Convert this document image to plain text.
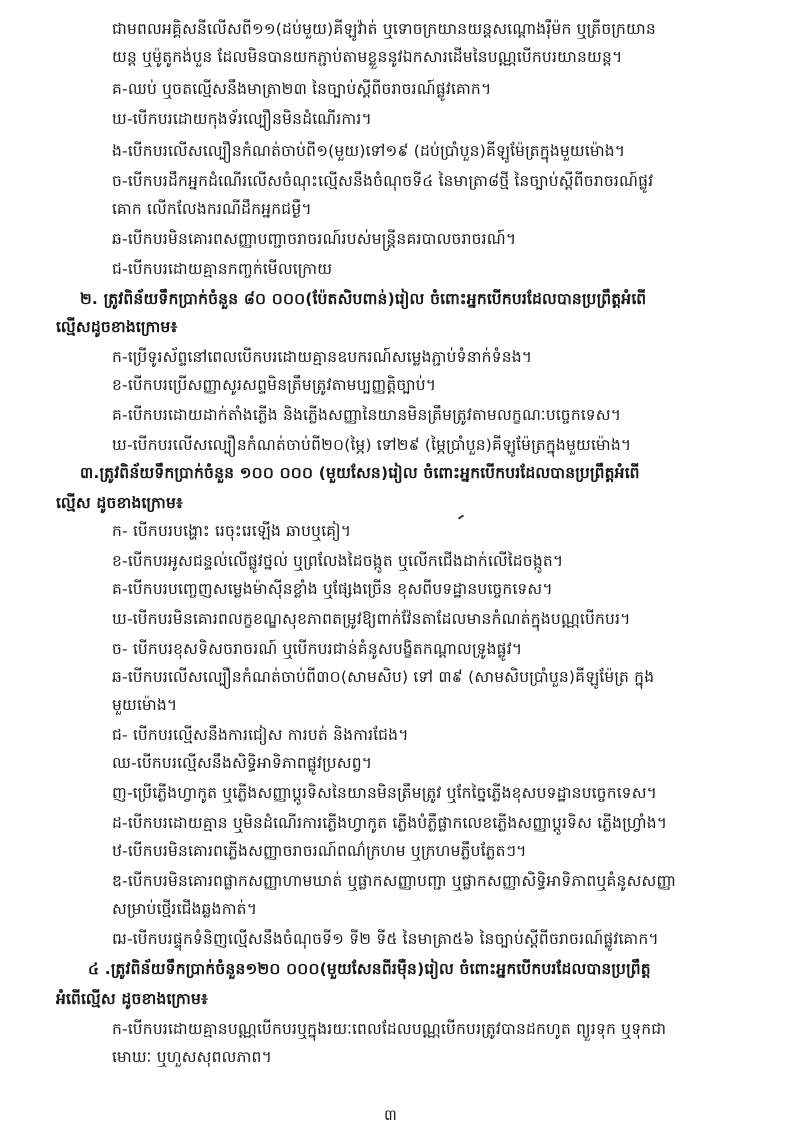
ជាមពលអគ្គិសនីលើសពី១១(ដប់មួយ)គីឡូវ៉ាត់ ឬទោចក្រយានយន្តសណ្តោងរ៉ឺម៉ក ឬត្រីចក្រយាន
យន្ត ឬម៉ូតូកង់បួន ដែលមិនបានយកភ្ជាប់តាមខ្លួននូវឯកសារដើមនៃបណ្ណបើកបរយានយន្ត។
គ-ឈប់ ឬចតល្មើសនឹងមាត្រា២៣ នៃច្បាប់ស្តីពីចរាចរណ៍ផ្លូវគោក។
ឃ-បើកបរដោយកុងទ័រល្បឿនមិនដំណើរការ។
ង-បើកបរលើសល្បឿនកំណត់ចាប់ពី១(មួយ)ទៅ១៩ (ដប់ប្រាំបួន)គីឡូម៉ែត្រក្នុងមួយម៉ោង។
ច-បើកបរដឹកអ្នកដំណើរលើសចំណុះល្មើសនឹងចំណុចទី៤ នៃមាត្រា៨ថ្មី នៃច្បាប់ស្តីពីចរាចរណ៍ផ្លូវ
គោក លើកលែងករណីដឹកអ្នកជម្ងឺ។
ឆ-បើកបរមិនគោរពសញ្ញាបញ្ជាចរាចរណ៍របស់មន្ត្រីនគរបាលចរាចរណ៍។
ជ-បើកបរដោយគ្មានកញ្ចក់មើលក្រោយ
២. ត្រូវពិន័យទឹកប្រាក់ចំនួន ៨០ ០០០(ប៉ែតសិបពាន់)រៀល ចំពោះអ្នកបើកបរដែលបានប្រព្រឹត្តអំពើ
ល្មើសដូចខាងក្រោម៖
ក-ប្រើទូរស័ព្ទនៅពេលបើកបរដោយគ្មានឧបករណ៍សម្លេងភ្ជាប់ទំនាក់ទំនង។
ខ-បើកបរប្រើសញ្ញាសូរសព្ទមិនត្រឹមត្រូវតាមប្បញ្ញត្តិច្បាប់។
គ-បើកបរដោយដាក់តាំងភ្លើង និងភ្លើងសញ្ញានៃយានមិនត្រឹមត្រូវតាមលក្ខណៈបច្ចេកទេស។
ឃ-បើកបរលើសល្បឿនកំណត់ចាប់ពី២០(ម្ភៃ) ទៅ២៩ (ម្ភៃប្រាំបួន)គីឡូម៉ែត្រក្នុងមួយម៉ោង។
៣.ត្រូវពិន័យទឹកប្រាក់ចំនួន ១០០ ០០០ (មួយសែន)រៀល ចំពោះអ្នកបើកបរដែលបានប្រព្រឹត្តអំពើ
ល្មើស ដូចខាងក្រោម៖
ក- បើកបរបង្ហោះ រេចុះរេឡើង ឆាបឬគៀ។
ខ-បើកបរអូសជន្ទល់លើផ្លូវថ្នល់ ឬព្រលែងដៃចង្កូត ឬលើកជើងដាក់លើដៃចង្កូត។
គ-បើកបរបញ្ចេញសម្លេងម៉ាស៊ីនខ្លាំង ឬផ្សែងច្រើន ខុសពីបទដ្ឋានបច្ចេកទេស។
ឃ-បើកបរមិនគោរពលក្ខខណ្ឌសុខភាពតម្រូវឱ្យពាក់វ៉ែនតាដែលមានកំណត់ក្នុងបណ្ណបើកបរ។
ច- បើកបរខុសទិសចរាចរណ៍ ឬបើកបរជាន់គំនូសបង្ខិតកណ្តាលទ្រូងផ្លូវ។
ឆ-បើកបរលើសល្បឿនកំណត់ចាប់ពី៣០(សាមសិប) ទៅ ៣៩ (សាមសិបប្រាំបួន)គីឡូម៉ែត្រ ក្នុង
មួយម៉ោង។
ជ- បើកបរល្មើសនឹងការជៀស ការបត់ និងការជែង។
ឈ-បើកបរល្មើសនឹងសិទ្ធិអាទិភាពផ្លូវប្រសព្វ។
ញ-ប្រើភ្លើងហ្វាកូត ឬភ្លើងសញ្ញាប្តូរទិសនៃយានមិនត្រឹមត្រូវ ឬកែច្នៃភ្លើងខុសបទដ្ឋានបច្ចេកទេស។
ដ-បើកបរដោយគ្មាន ឬមិនដំណើរការភ្លើងហ្វាកូត ភ្លើងបំភ្លឺផ្លាកលេខភ្លើងសញ្ញាប្តូរទិស ភ្លើងហ្វ្រាំង។
ឋ-បើកបរមិនគោរពភ្លើងសញ្ញាចរាចរណ៍ពណ៌ក្រហម ឬក្រហមភ្លឹបភ្លែតៗ។
ឌ-បើកបរមិនគោរពផ្លាកសញ្ញាហាមឃាត់ ឬផ្លាកសញ្ញាបញ្ជា ឬផ្លាកសញ្ញាសិទ្ធិអាទិភាពឬគំនូសសញ្ញា
សម្រាប់ថ្មើរជើងឆ្លងកាត់។
ឍ-បើកបរផ្ទុកទំនិញល្មើសនឹងចំណុចទី១ ទី២ ទី៥ នៃមាត្រា៥៦ នៃច្បាប់ស្តីពីចរាចរណ៍ផ្លូវគោក។
៤ .ត្រូវពិន័យទឹកប្រាក់ចំនួន១២០ ០០០(មួយសែនពីរម៉ឺន)រៀល ចំពោះអ្នកបើកបរដែលបានប្រព្រឹត្ត
អំពើល្មើស ដូចខាងក្រោម៖
ក-បើកបរដោយគ្មានបណ្ណបើកបរឬក្នុងរយៈពេលដែលបណ្ណបើកបរត្រូវបានដកហូត ព្យួរទុក ឬទុកជា
មោឃៈ ឬហួសសុពលភាព។
៣
